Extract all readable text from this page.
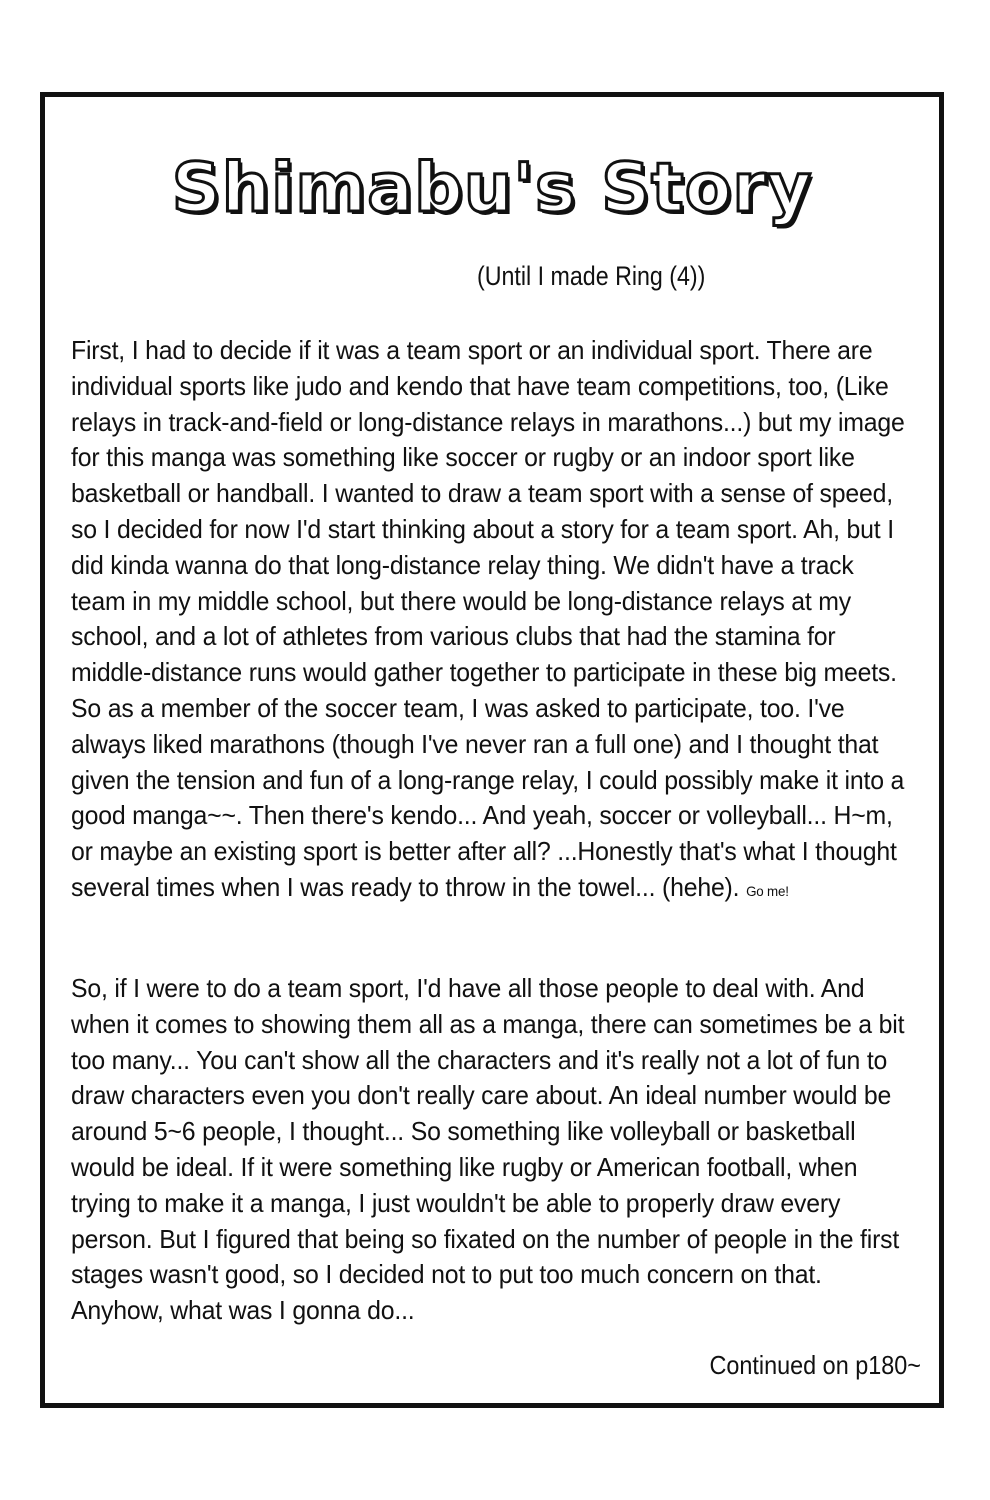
Shimabu's Story
(Until I made Ring (4))

First, I had to decide if it was a team sport or an individual sport. There are individual sports like judo and kendo that have team competitions, too, (Like relays in track-and-field or long-distance relays in marathons...) but my image for this manga was something like soccer or rugby or an indoor sport like basketball or handball. I wanted to draw a team sport with a sense of speed, so I decided for now I'd start thinking about a story for a team sport. Ah, but I did kinda wanna do that long-distance relay thing. We didn't have a track team in my middle school, but there would be long-distance relays at my school, and a lot of athletes from various clubs that had the stamina for middle-distance runs would gather together to participate in these big meets. So as a member of the soccer team, I was asked to participate, too. I've always liked marathons (though I've never ran a full one) and I thought that given the tension and fun of a long-range relay, I could possibly make it into a good manga~~. Then there's kendo... And yeah, soccer or volleyball... H~m, or maybe an existing sport is better after all? ...Honestly that's what I thought several times when I was ready to throw in the towel... (hehe). Go me!

So, if I were to do a team sport, I'd have all those people to deal with. And when it comes to showing them all as a manga, there can sometimes be a bit too many... You can't show all the characters and it's really not a lot of fun to draw characters even you don't really care about. An ideal number would be around 5~6 people, I thought... So something like volleyball or basketball would be ideal. If it were something like rugby or American football, when trying to make it a manga, I just wouldn't be able to properly draw every person. But I figured that being so fixated on the number of people in the first stages wasn't good, so I decided not to put too much concern on that. Anyhow, what was I gonna do...

Continued on p180~
